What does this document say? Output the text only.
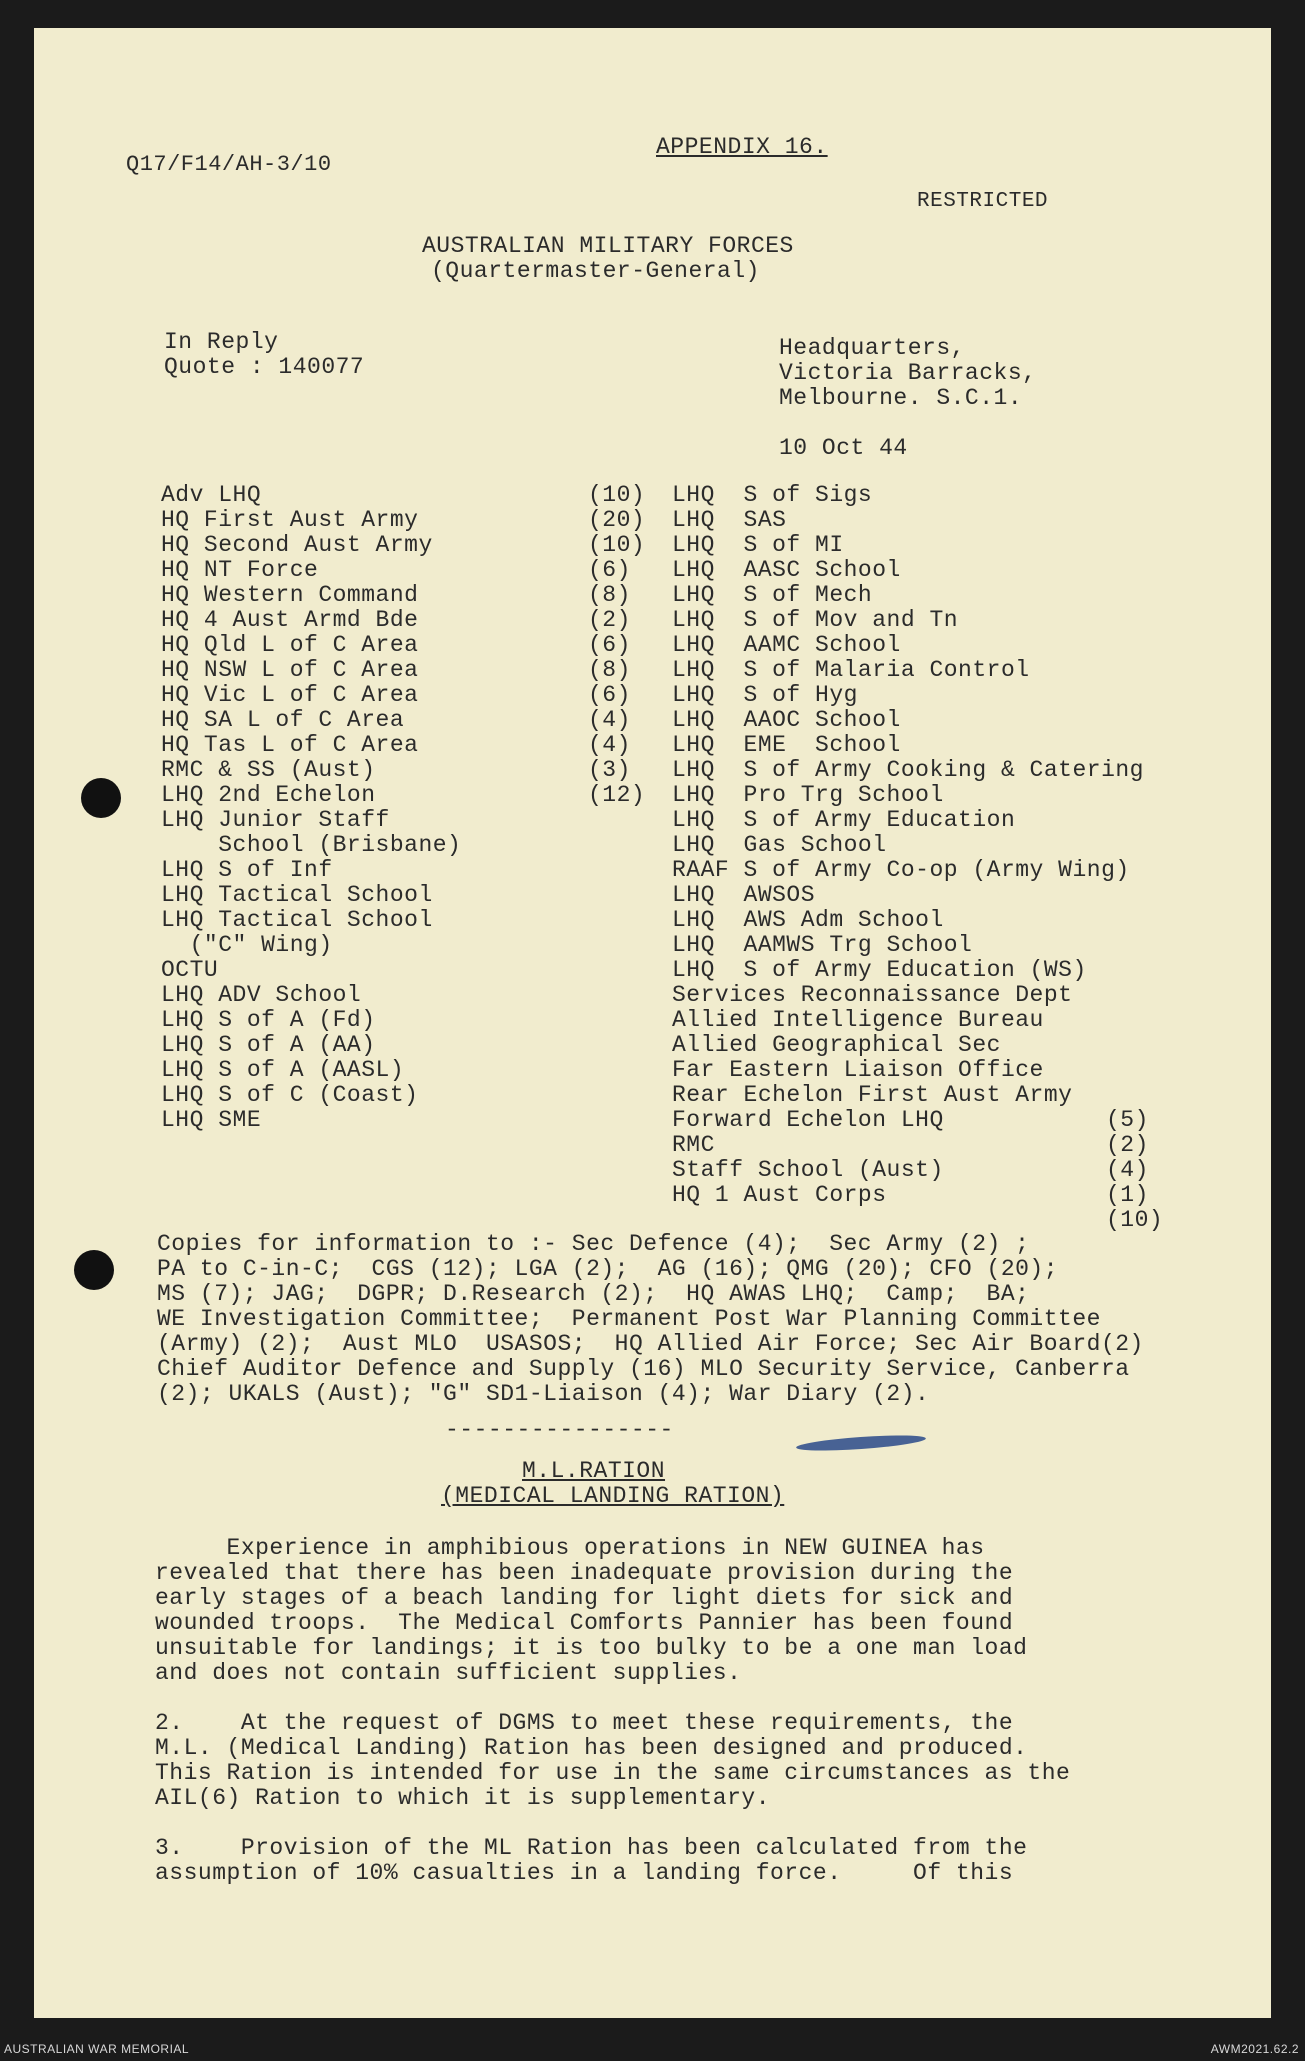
Q17/F14/AH-3/10
APPENDIX 16.
RESTRICTED
AUSTRALIAN MILITARY FORCES
(Quartermaster-General)
In Reply
Quote : 140077
Headquarters,
Victoria Barracks,
Melbourne. S.C.1.
10 Oct 44
Adv LHQ
HQ First Aust Army
HQ Second Aust Army
HQ NT Force
HQ Western Command
HQ 4 Aust Armd Bde
HQ Qld L of C Area
HQ NSW L of C Area
HQ Vic L of C Area
HQ SA L of C Area
HQ Tas L of C Area
RMC & SS (Aust)
LHQ 2nd Echelon
LHQ Junior Staff
School (Brisbane)
LHQ S of Inf
LHQ Tactical School
LHQ Tactical School
("C" Wing)
OCTU
LHQ ADV School
LHQ S of A (Fd)
LHQ S of A (AA)
LHQ S of A (AASL)
LHQ S of C (Coast)
LHQ SME
(10)
(20)
(10)
(6)
(8)
(2)
(6)
(8)
(6)
(4)
(4)
(3)
(12)
LHQ  S of Sigs
LHQ  SAS
LHQ  S of MI
LHQ  AASC School
LHQ  S of Mech
LHQ  S of Mov and Tn
LHQ  AAMC School
LHQ  S of Malaria Control
LHQ  S of Hyg
LHQ  AAOC School
LHQ  EME  School
LHQ  S of Army Cooking & Catering
LHQ  Pro Trg School
LHQ  S of Army Education
LHQ  Gas School
RAAF S of Army Co-op (Army Wing)
LHQ  AWSOS
LHQ  AWS Adm School
LHQ  AAMWS Trg School
LHQ  S of Army Education (WS)
Services Reconnaissance Dept
Allied Intelligence Bureau
Allied Geographical Sec
Far Eastern Liaison Office
Rear Echelon First Aust Army
Forward Echelon LHQ
RMC
Staff School (Aust)
HQ 1 Aust Corps
(5)
(2)
(4)
(1)
(10)
Copies for information to :- Sec Defence (4);  Sec Army (2) ;
PA to C-in-C;  CGS (12); LGA (2);  AG (16); QMG (20); CFO (20);
MS (7); JAG;  DGPR; D.Research (2);  HQ AWAS LHQ;  Camp;  BA;
WE Investigation Committee;  Permanent Post War Planning Committee
(Army) (2);  Aust MLO  USASOS;  HQ Allied Air Force; Sec Air Board(2)
Chief Auditor Defence and Supply (16) MLO Security Service, Canberra
(2); UKALS (Aust); "G" SD1-Liaison (4); War Diary (2).
----------------
M.L.RATION
(MEDICAL LANDING RATION)
Experience in amphibious operations in NEW GUINEA has
revealed that there has been inadequate provision during the
early stages of a beach landing for light diets for sick and
wounded troops.  The Medical Comforts Pannier has been found
unsuitable for landings; it is too bulky to be a one man load
and does not contain sufficient supplies.
2.    At the request of DGMS to meet these requirements, the
M.L. (Medical Landing) Ration has been designed and produced.
This Ration is intended for use in the same circumstances as the
AIL(6) Ration to which it is supplementary.
3.    Provision of the ML Ration has been calculated from the
assumption of 10% casualties in a landing force.     Of this
AUSTRALIAN WAR MEMORIAL	AWM2021.62.2
